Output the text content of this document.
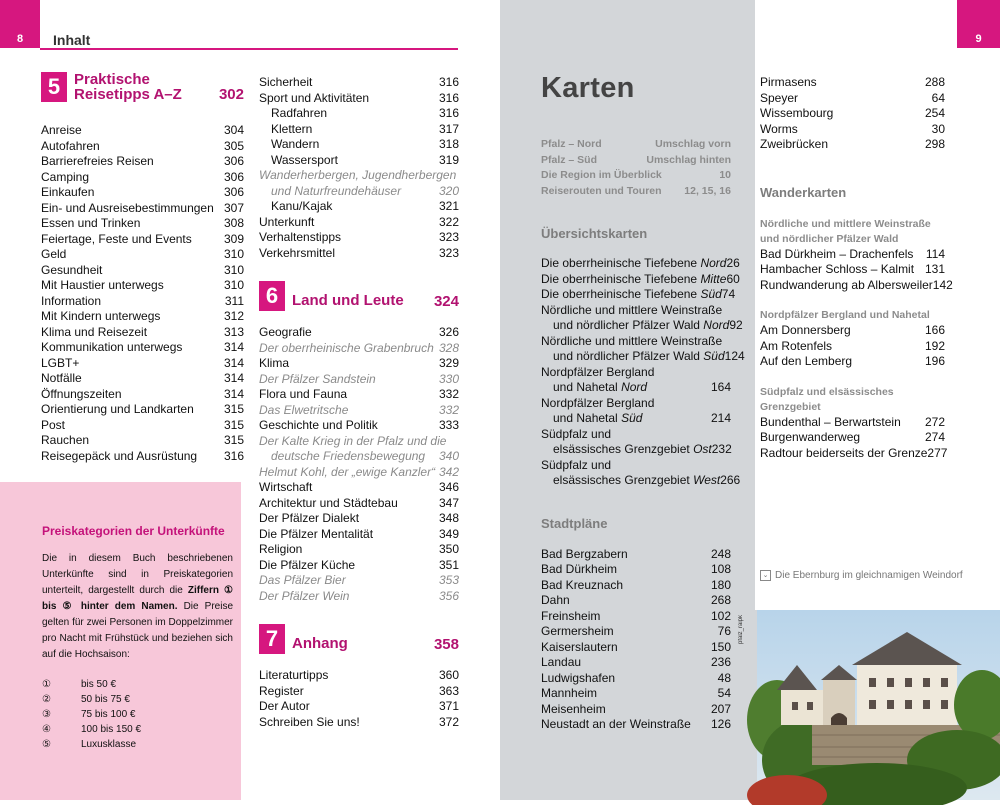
8 Inhalt
5 Praktische
Reisetipps A–Z	302
Anreise	304
Autofahren	305
Barrierefreies Reisen	306
Camping	306
Einkaufen	306
Ein- und Ausreisebestimmungen 307
Essen und Trinken	308
Feiertage, Feste und Events	309
Geld	310
Gesundheit	310
Mit Haustier unterwegs	310
Information	311
Mit Kindern unterwegs	312
Klima und Reisezeit	313
Kommunikation unterwegs	314
LGBT+	314
Notfälle	314
Öffnungszeiten	314
Orientierung und Landkarten	315
Post	315
Rauchen	315
Reisegepäck und Ausrüstung 316
Sicherheit	316
Sport und Aktivitäten	316
Radfahren	316
Klettern	317
Wandern	318
Wassersport	319
Wanderherbergen, Jugendherbergen
und Naturfreundehäuser	320
Kanu/Kajak	321
Unterkunft	322
Verhaltenstipps	323
Verkehrsmittel	323
6 Land und Leute	324
Geografie	326
Der oberrheinische Grabenbruch 328
Klima	329
Der Pfälzer Sandstein	330
Flora und Fauna	332
Das Elwetritsche	332
Geschichte und Politik	333
Der Kalte Krieg in der Pfalz und die
deutsche Friedensbewegung 340
Helmut Kohl, der „ewige Kanzler“ 342
Wirtschaft	346
Architektur und Städtebau	347
Der Pfälzer Dialekt	348
Die Pfälzer Mentalität	349
Religion	350
Die Pfälzer Küche	351
Das Pfälzer Bier	353
Der Pfälzer Wein	356
7 Anhang	358
Literaturtipps	360
Register	363
Der Autor	371
Schreiben Sie uns!	372
Preiskategorien der Unterkünfte
Die in diesem Buch beschriebenen Unterkünfte sind in Preiskategorien unterteilt, dargestellt durch die Ziffern ① bis ⑤ hinter dem Namen. Die Preise gelten für zwei Personen im Doppelzimmer pro Nacht mit Frühstück und beziehen sich auf die Hochsaison:
①	bis 50 €
②	50 bis 75 €
③	75 bis 100 €
④	100 bis 150 €
⑤	Luxusklasse
9
Karten
Pfalz – Nord	Umschlag vorn
Pfalz – Süd	Umschlag hinten
Die Region im Überblick	10
Reiserouten und Touren 12, 15, 16
Übersichtskarten
Die oberrheinische Tiefebene Nord 26
Die oberrheinische Tiefebene Mitte 60
Die oberrheinische Tiefebene Süd 74
Nördliche und mittlere Weinstraße
und nördlicher Pfälzer Wald Nord 92
Nördliche und mittlere Weinstraße
und nördlicher Pfälzer Wald Süd 124
Nordpfälzer Bergland
und Nahetal Nord	164
Nordpfälzer Bergland
und Nahetal Süd	214
Südpfalz und
elsässisches Grenzgebiet Ost 232
Südpfalz und
elsässisches Grenzgebiet West 266
Stadtpläne
Bad Bergzabern	248
Bad Dürkheim	108
Bad Kreuznach	180
Dahn	268
Freinsheim	102
Germersheim	76
Kaiserslautern	150
Landau	236
Ludwigshafen	48
Mannheim	54
Meisenheim	207
Neustadt an der Weinstraße 126
Pirmasens	288
Speyer	64
Wissembourg	254
Worms	30
Zweibrücken	298
Wanderkarten
Nördliche und mittlere Weinstraße
und nördlicher Pfälzer Wald
Bad Dürkheim – Drachenfels 114
Hambacher Schloss – Kalmit 131
Rundwanderung ab Albersweiler 142
Nordpfälzer Bergland und Nahetal
Am Donnersberg	166
Am Rotenfels	192
Auf den Lemberg	196
Südpfalz und elsässisches Grenzgebiet
Bundenthal – Berwartstein 272
Burgenwanderweg	274
Radtour beiderseits der Grenze 277
⌄ Die Ebernburg im gleichnamigen Weindorf
pfalz_raipk
